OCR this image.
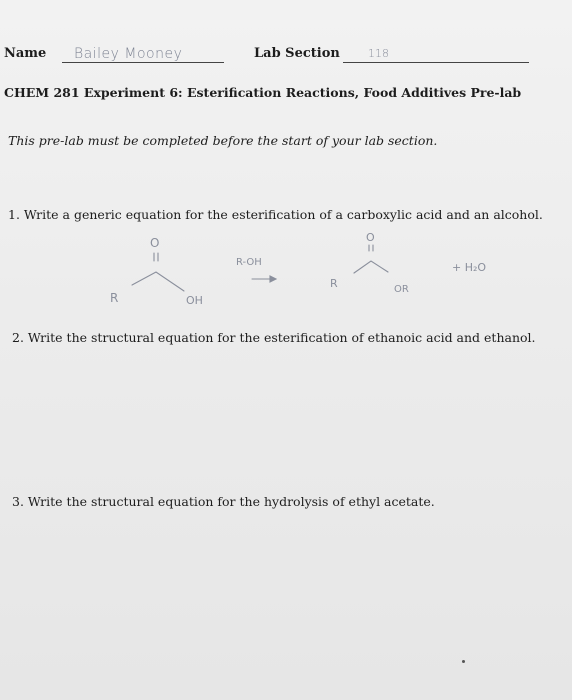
Name Bailey Mooney	Lab Section	118
CHEM 281 Experiment 6: Esterification Reactions, Food Additives Pre-lab
This pre-lab must be completed before the start of your lab section.
1. Write a generic equation for the esterification of a carboxylic acid and an alcohol.
O
R	OH
R-OH
O
R	OR
+ H₂O
2. Write the structural equation for the esterification of ethanoic acid and ethanol.
3. Write the structural equation for the hydrolysis of ethyl acetate.
